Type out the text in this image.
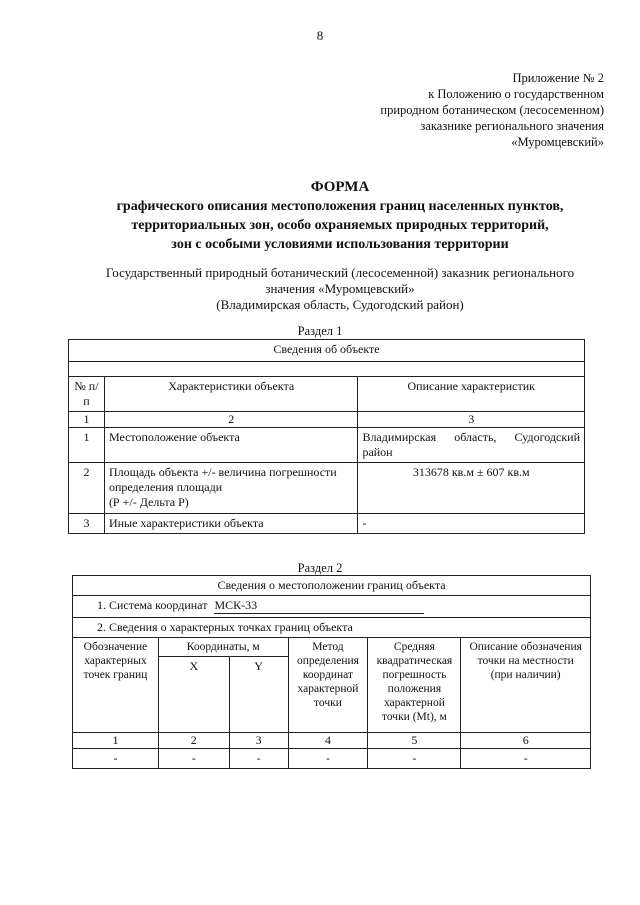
8
Приложение № 2
к Положению о государственном
природном ботаническом (лесосеменном)
заказнике регионального значения
«Муромцевский»
ФОРМА
графического описания местоположения границ населенных пунктов,
территориальных зон, особо охраняемых природных территорий,
зон с особыми условиями использования территории
Государственный природный ботанический (лесосеменной) заказник регионального
значения «Муромцевский»
(Владимирская область, Судогодский район)
Раздел 1
Сведения об объекте		

№ п/п	Характеристики объекта	Описание характеристик
1	2	3
1	Местоположение объекта	Владимирская область, Судогодский
район

2	Площадь объекта +/- величина погрешности
определения площади
(Р +/- Дельта Р)	313678 кв.м ± 607 кв.м
3	Иные характеристики объекта	-
Раздел 2
Сведения о местоположении границ объекта					
1. Система координат МСК-33					
2. Сведения о характерных точках границ объекта					
Обозначение характерных точек границ	Координаты, м		Метод определения координат характерной точки	Средняя квадратическая погрешность положения характерной точки (Mt), м	Описание обозначения точки на местности (при наличии)
	X	Y			
1	2	3	4	5	6
-	-	-	-	-	-
